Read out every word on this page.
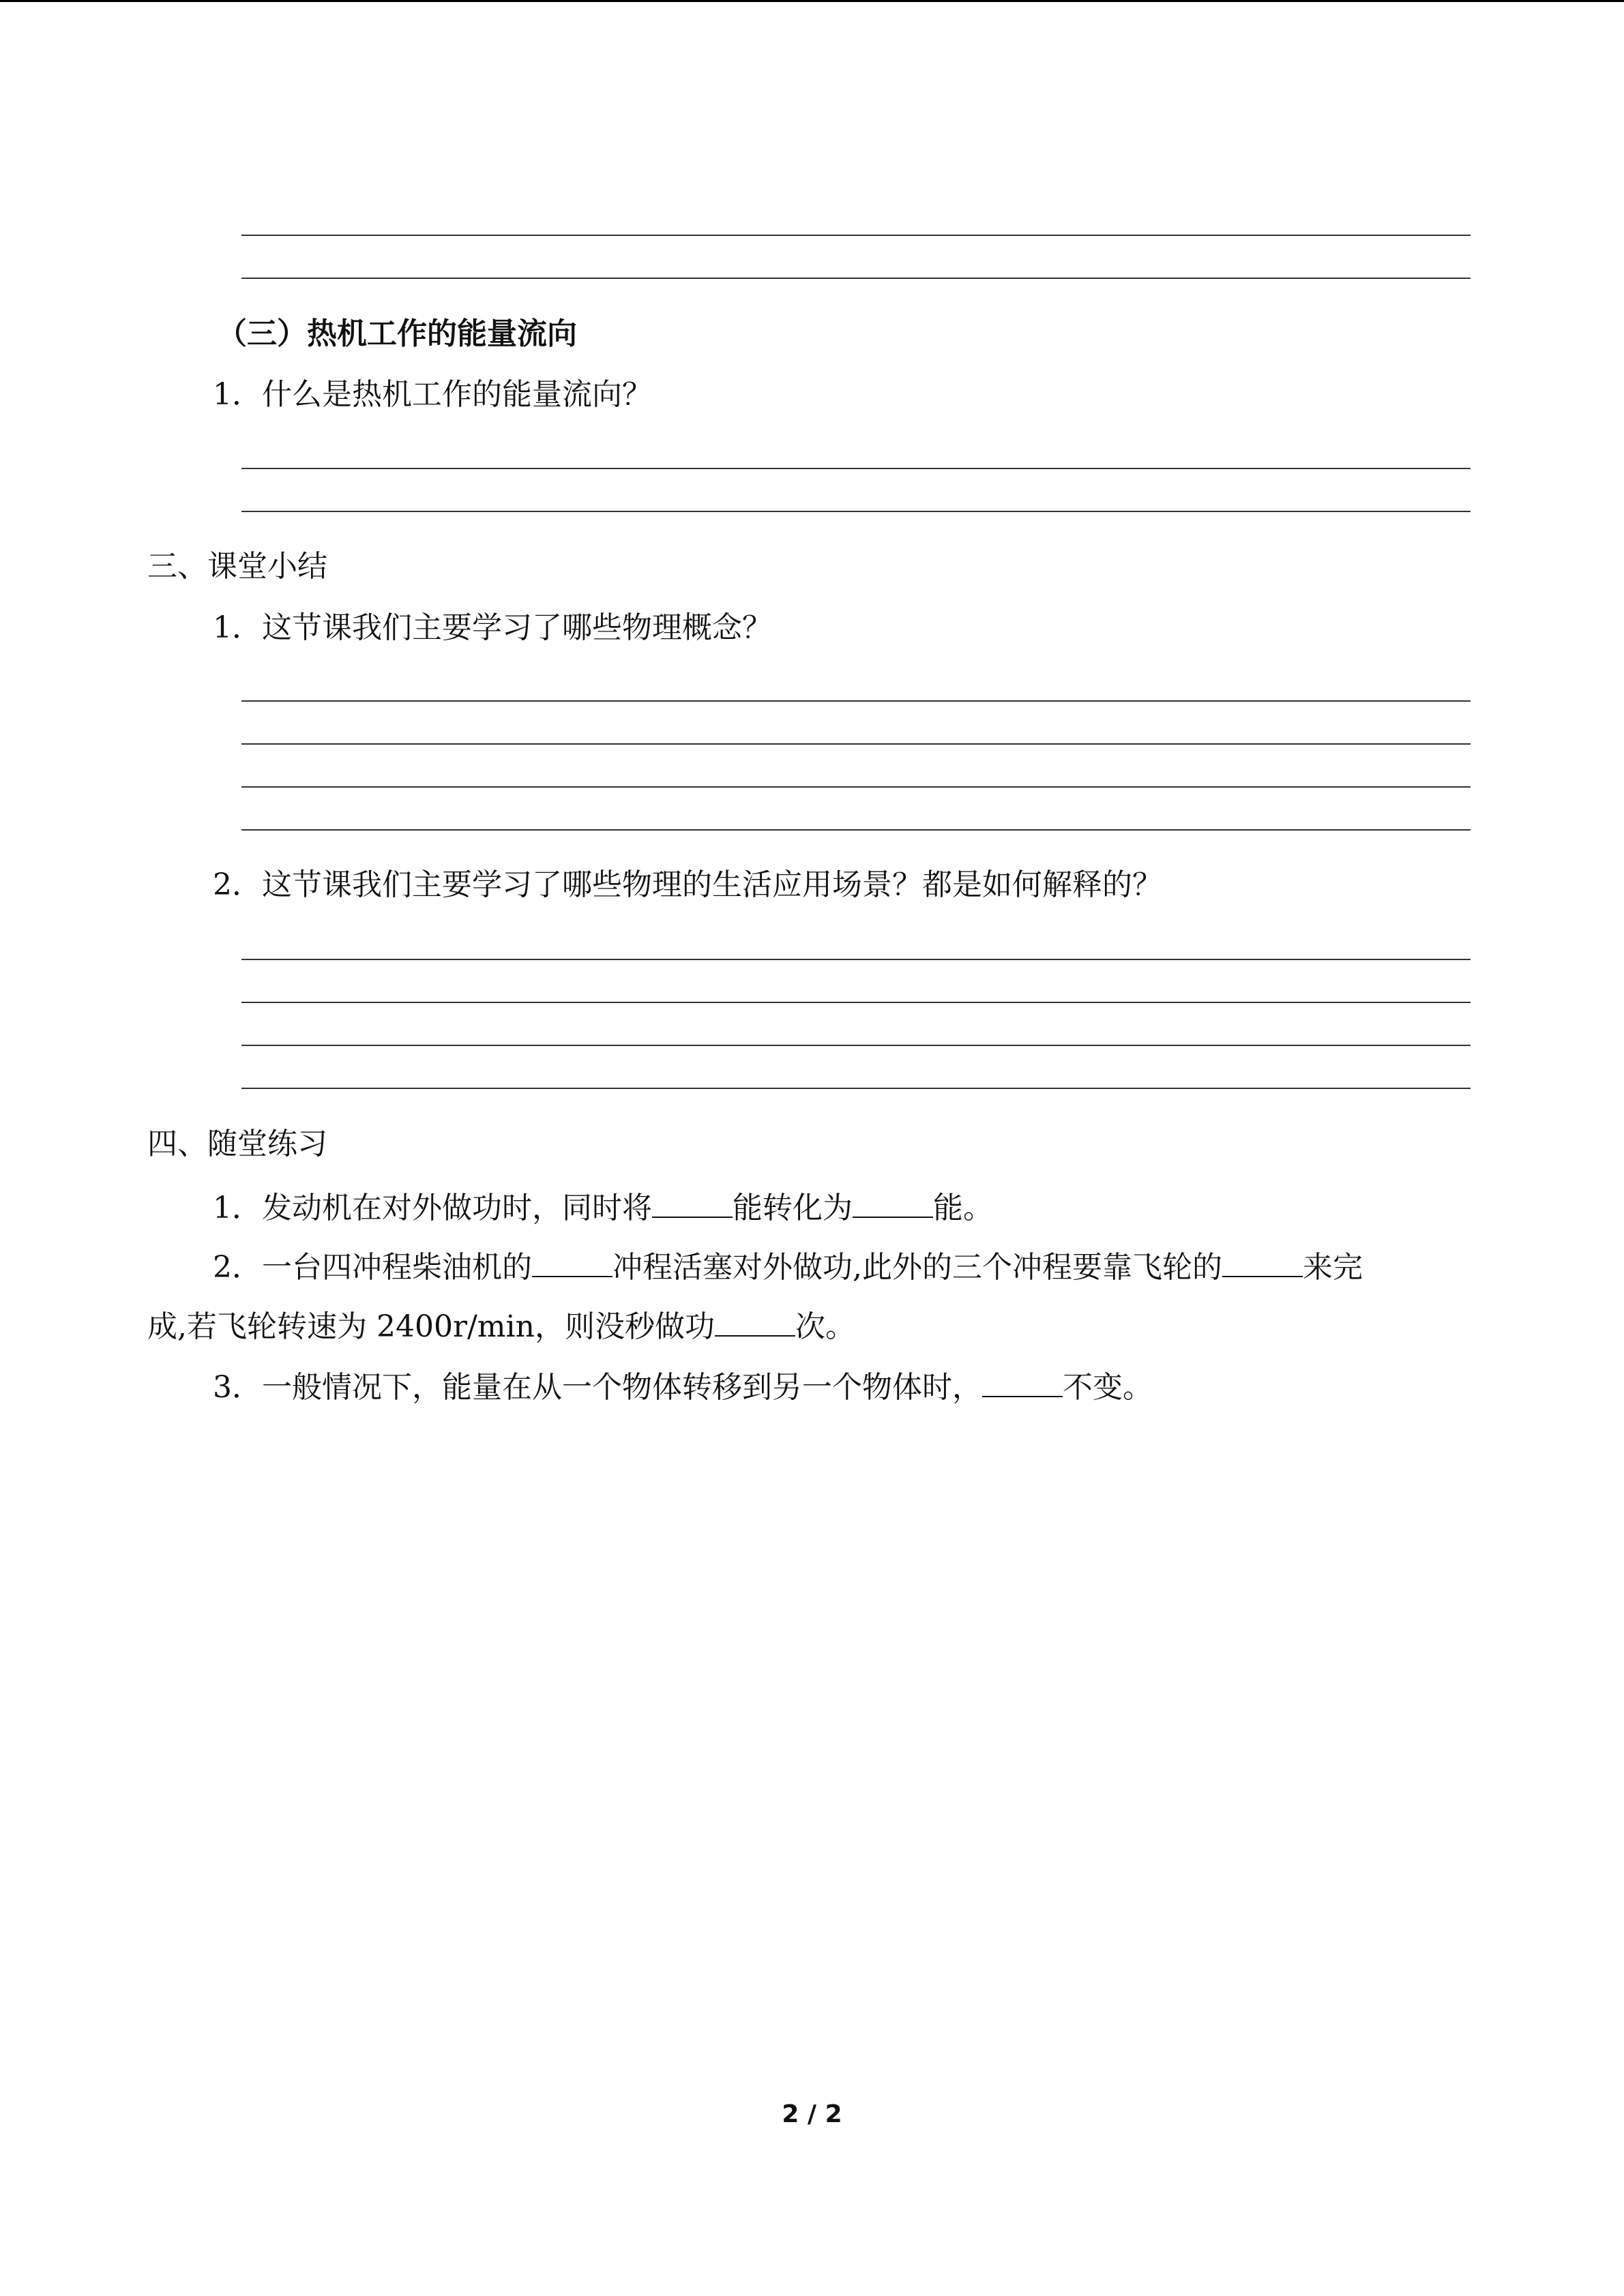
（三）热机工作的能量流向
1．什么是热机工作的能量流向？
三、课堂小结
1．这节课我们主要学习了哪些物理概念？
2．这节课我们主要学习了哪些物理的生活应用场景？都是如何解释的？
四、随堂练习
1．发动机在对外做功时，同时将	能转化为	能。
2．一台四冲程柴油机的	冲程活塞对外做功,此外的三个冲程要靠飞轮的	来完
成,若飞轮转速为 2400r/min，则没秒做功	次。
3．一般情况下，能量在从一个物体转移到另一个物体时，	不变。
2 / 2
